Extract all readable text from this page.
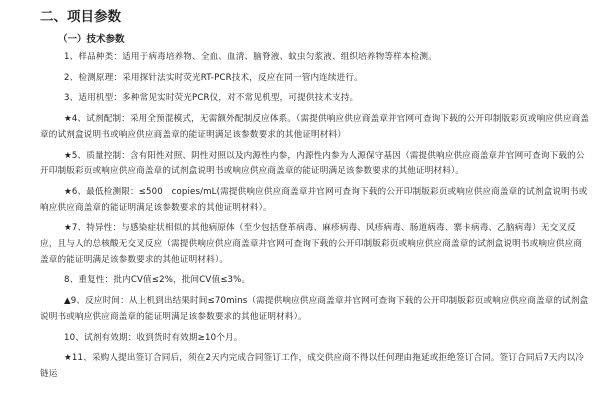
二、项目参数
（一）技术参数

1、样品种类：适用于病毒培养物、全血、血清、脑脊液、蚊虫匀浆液、组织培养物等样本检测。

2、检测原理：采用探针法实时荧光RT-PCR技术，反应在同一管内连续进行。

3、适用机型：多种常见实时荧光PCR仪，对不常见机型，可提供技术支持。

★4、试剂配制：采用全预混模式，无需额外配制反应体系。（需提供响应供应商盖章并官网可查询下载的公开印制版彩页或响应供应商盖章的试剂盒说明书或响应供应商盖章的能证明满足该参数要求的其他证明材料）

★5、质量控制：含有阳性对照、阴性对照以及内源性内参，内源性内参为人源保守基因（需提供响应供应商盖章并官网可查询下载的公开印制版彩页或响应供应商盖章的试剂盒说明书或响应供应商盖章的能证明满足该参数要求的其他证明材料）。

★6、最低检测限：≤500　copies/mL(需提供响应供应商盖章并官网可查询下载的公开印制版彩页或响应供应商盖章的试剂盒说明书或响应供应商盖章的能证明满足该参数要求的其他证明材料）。

★7、特异性：与感染症状相似的其他病原体（至少包括登革病毒、麻疹病毒、风疹病毒、肠道病毒、寨卡病毒、乙脑病毒）无交叉反应，且与人的总核酸无交叉反应（需提供响应供应商盖章并官网可查询下载的公开印制版彩页或响应供应商盖章的试剂盒说明书或响应供应商盖章的能证明满足该参数要求的其他证明材料）。

8、重复性：批内CV值≤2%，批间CV值≤3%。

▲9、反应时间：从上机到出结果时间≤70mins（需提供响应供应商盖章并官网可查询下载的公开印制版彩页或响应供应商盖章的试剂盒说明书或响应供应商盖章的能证明满足该参数要求的其他证明材料）。

10、试剂有效期：收到货时有效期≥10个月。

★11、采购人提出签订合同后，须在2天内完成合同签订工作，成交供应商不得以任何理由拖延或拒绝签订合同。签订合同后7天内以冷链运
